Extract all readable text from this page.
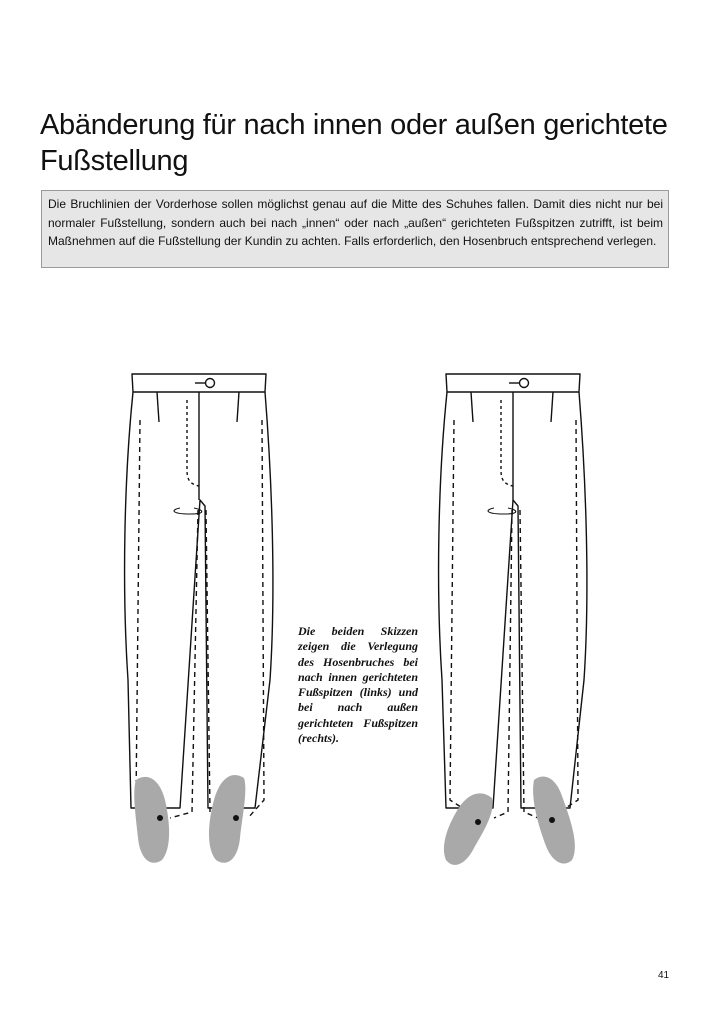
Abänderung für nach innen oder außen gerichtete Fußstellung
Die Bruchlinien der Vorderhose sollen möglichst genau auf die Mitte des Schuhes fallen. Damit dies nicht nur bei normaler Fußstellung, sondern auch bei nach „innen“ oder nach „außen“ gerichteten Fußspitzen zutrifft, ist beim Maßnehmen auf die Fußstellung der Kundin zu achten. Falls erforderlich, den Hosenbruch entsprechend verlegen.
Die beiden Skizzen zeigen die Verlegung des Hosenbruches bei nach innen gerichteten Fußspitzen (links) und bei nach außen gerichteten Fußspitzen (rechts).
41
